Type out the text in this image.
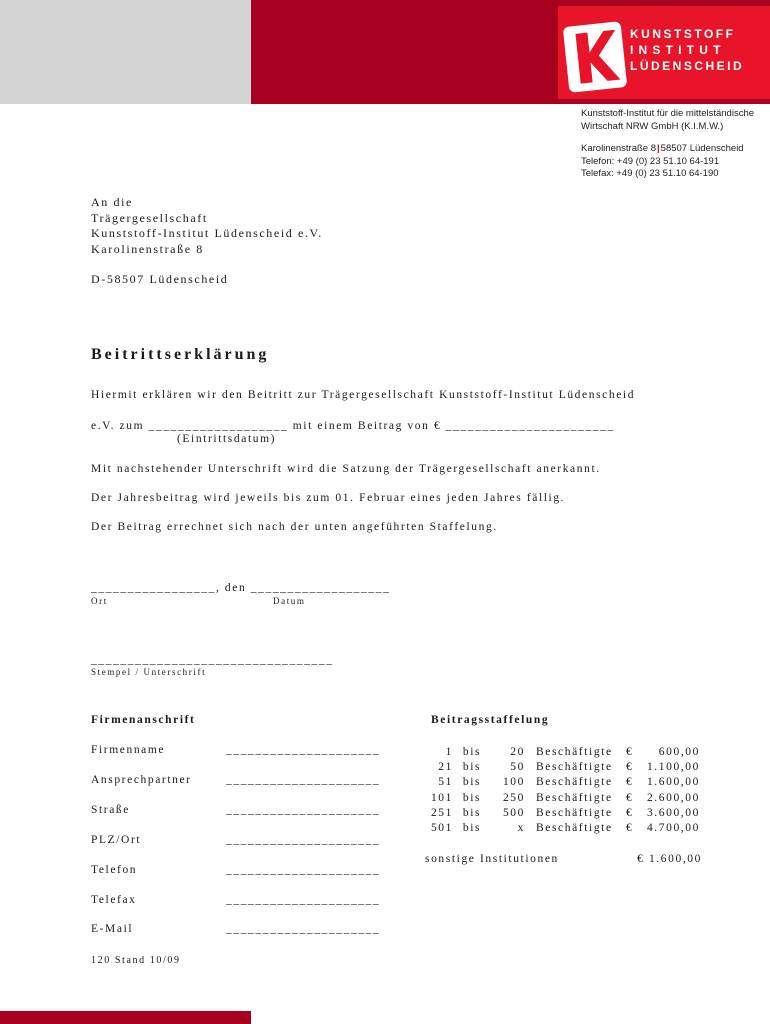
KUNSTSTOFF
INSTITUT
LÜDENSCHEID
Kunststoff-Institut für die mittelständische
Wirtschaft NRW GmbH (K.I.M.W.)
Karolinenstraße 8|58507 Lüdenscheid
Telefon: +49 (0) 23 51.10 64-191
Telefax: +49 (0) 23 51.10 64-190
An die
Trägergesellschaft
Kunststoff-Institut Lüdenscheid e.V.
Karolinenstraße 8
D-58507 Lüdenscheid
Beitrittserklärung
Hiermit erklären wir den Beitritt zur Trägergesellschaft Kunststoff-Institut Lüdenscheid
e.V. zum ___________________ mit einem Beitrag von € _______________________
(Eintrittsdatum)
Mit nachstehender Unterschrift wird die Satzung der Trägergesellschaft anerkannt.
Der Jahresbeitrag wird jeweils bis zum 01. Februar eines jeden Jahres fällig.
Der Beitrag errechnet sich nach der unten angeführten Staffelung.
_________________, den ___________________
Ort	Datum
_________________________________
Stempel / Unterschrift
Firmenanschrift
Firmenname	_____________________
Ansprechpartner	_____________________
Straße	_____________________
PLZ/Ort	_____________________
Telefon	_____________________
Telefax	_____________________
E-Mail	_____________________
Beitragsstaffelung
1 bis	20 Beschäftigte	€	600,00
21 bis	50 Beschäftigte	€	1.100,00
51 bis	100 Beschäftigte	€	1.600,00
101 bis	250 Beschäftigte	€	2.600,00
251 bis	500 Beschäftigte	€	3.600,00
501 bis	x Beschäftigte	€	4.700,00
sonstige Institutionen	€ 1.600,00
120 Stand 10/09
